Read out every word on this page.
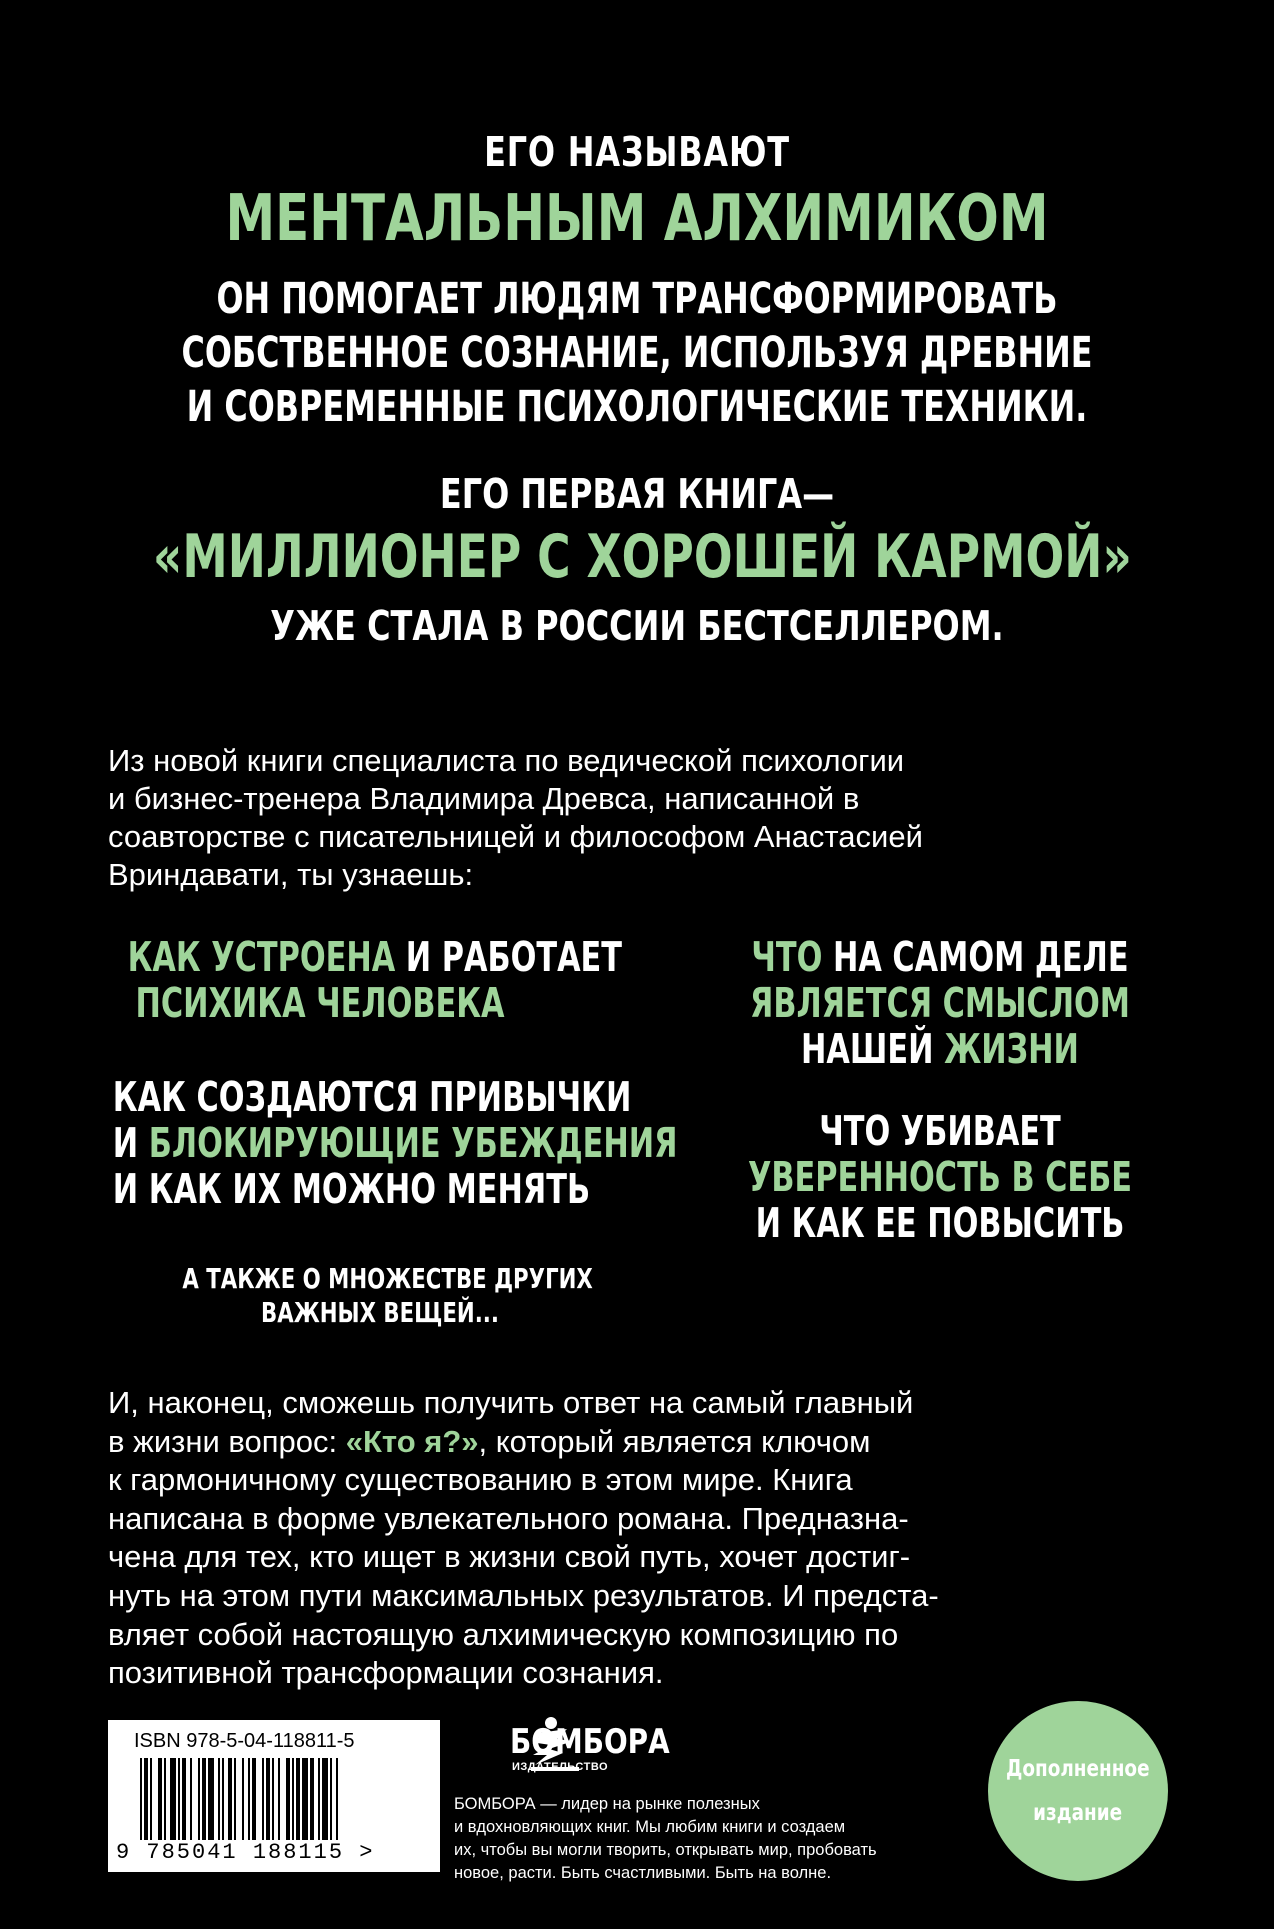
ЕГО НАЗЫВАЮТ
МЕНТАЛЬНЫМ АЛХИМИКОМ
ОН ПОМОГАЕТ ЛЮДЯМ ТРАНСФОРМИРОВАТЬ
СОБСТВЕННОЕ СОЗНАНИЕ, ИСПОЛЬЗУЯ ДРЕВНИЕ
И СОВРЕМЕННЫЕ ПСИХОЛОГИЧЕСКИЕ ТЕХНИКИ.
ЕГО ПЕРВАЯ КНИГА—
«МИЛЛИОНЕР С ХОРОШЕЙ КАРМОЙ»
УЖЕ СТАЛА В РОССИИ БЕСТСЕЛЛЕРОМ.
Из новой книги специалиста по ведической психологии
и бизнес-тренера Владимира Древса, написанной в
соавторстве с писательницей и философом Анастасией
Вриндавати, ты узнаешь:
КАК УСТРОЕНА И РАБОТАЕТ
ПСИХИКА ЧЕЛОВЕКА
ЧТО НА САМОМ ДЕЛЕ
ЯВЛЯЕТСЯ СМЫСЛОМ
НАШЕЙ ЖИЗНИ
КАК СОЗДАЮТСЯ ПРИВЫЧКИ
И БЛОКИРУЮЩИЕ УБЕЖДЕНИЯ
И КАК ИХ МОЖНО МЕНЯТЬ
ЧТО УБИВАЕТ
УВЕРЕННОСТЬ В СЕБЕ
И КАК ЕЕ ПОВЫСИТЬ
А ТАКЖЕ О МНОЖЕСТВЕ ДРУГИХ
ВАЖНЫХ ВЕЩЕЙ...
И, наконец, сможешь получить ответ на самый главный
в жизни вопрос: «Кто я?», который является ключом
к гармоничному существованию в этом мире. Книга
написана в форме увлекательного романа. Предназна-
чена для тех, кто ищет в жизни свой путь, хочет достиг-
нуть на этом пути максимальных результатов. И предста-
вляет собой настоящую алхимическую композицию по
позитивной трансформации сознания.
ISBN 978-5-04-118811-5
9 785041 188115 >
БОМБОРА
ИЗДАТЕЛЬСТВО
БОМБОРА — лидер на рынке полезных
и вдохновляющих книг. Мы любим книги и создаем
их, чтобы вы могли творить, открывать мир, пробовать
новое, расти. Быть счастливыми. Быть на волне.
Дополненное
издание
